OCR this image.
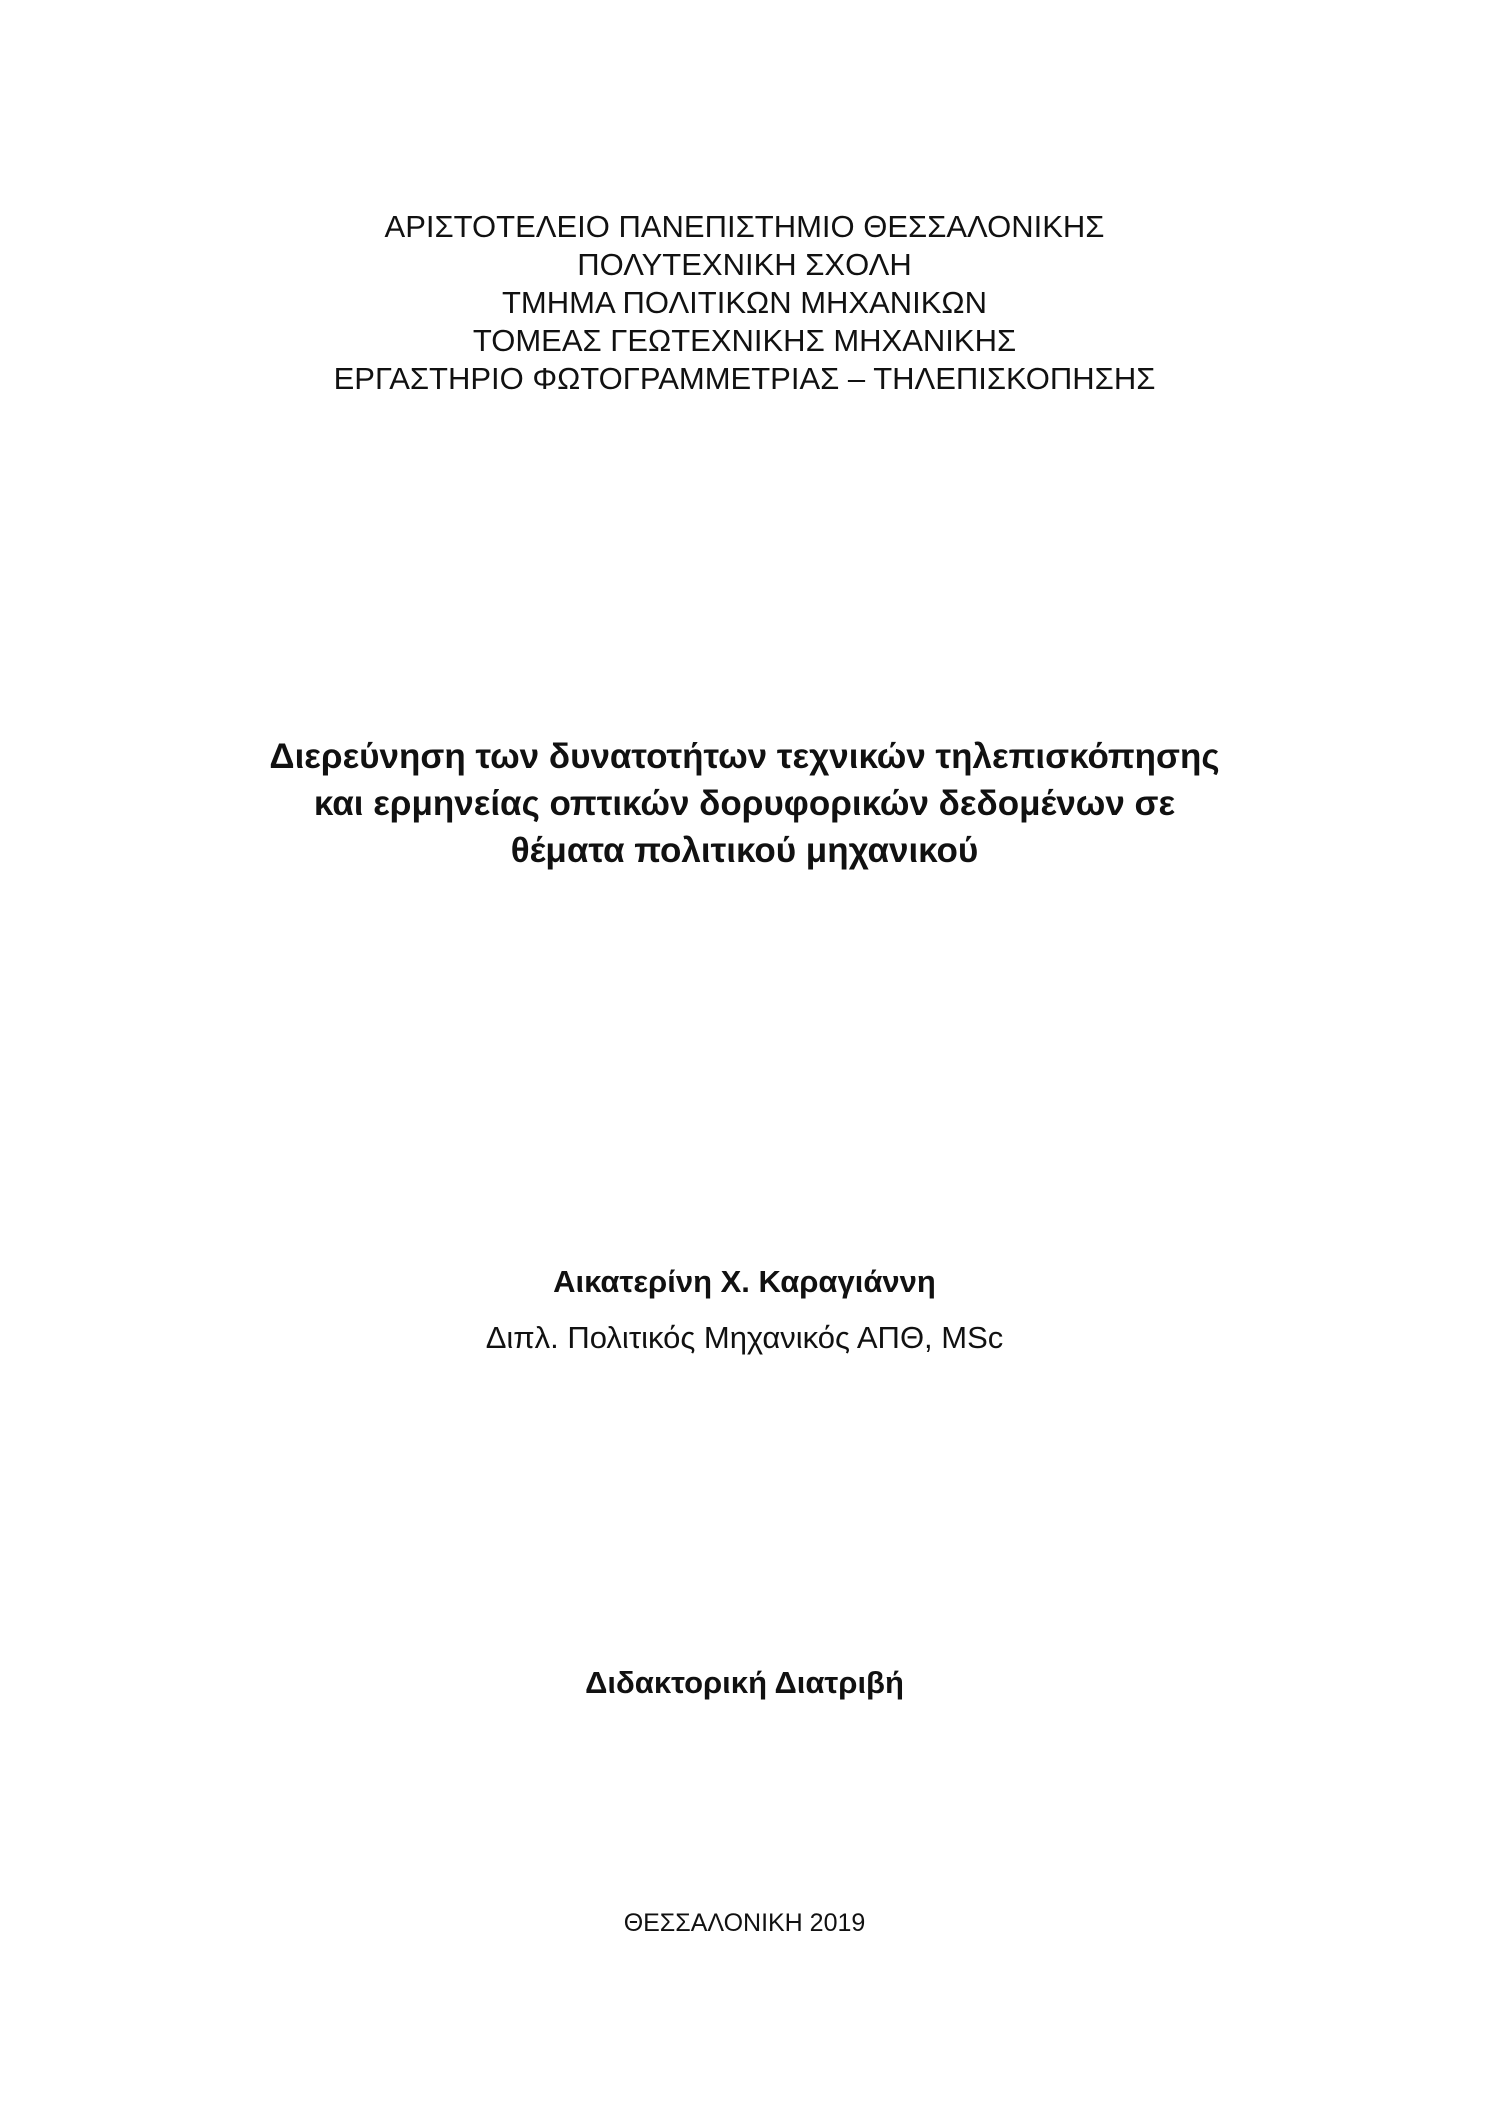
ΑΡΙΣΤΟΤΕΛΕΙΟ ΠΑΝΕΠΙΣΤΗΜΙΟ ΘΕΣΣΑΛΟΝΙΚΗΣ
ΠΟΛΥΤΕΧΝΙΚΗ ΣΧΟΛΗ
ΤΜΗΜΑ ΠΟΛΙΤΙΚΩΝ ΜΗΧΑΝΙΚΩΝ
ΤΟΜΕΑΣ ΓΕΩΤΕΧΝΙΚΗΣ ΜΗΧΑΝΙΚΗΣ
ΕΡΓΑΣΤΗΡΙΟ ΦΩΤΟΓΡΑΜΜΕΤΡΙΑΣ – ΤΗΛΕΠΙΣΚΟΠΗΣΗΣ
Διερεύνηση των δυνατοτήτων τεχνικών τηλεπισκόπησης
και ερμηνείας οπτικών δορυφορικών δεδομένων σε
θέματα πολιτικού μηχανικού
Αικατερίνη Χ. Καραγιάννη
Διπλ. Πολιτικός Μηχανικός ΑΠΘ, MSc
Διδακτορική Διατριβή
ΘΕΣΣΑΛΟΝΙΚΗ 2019
